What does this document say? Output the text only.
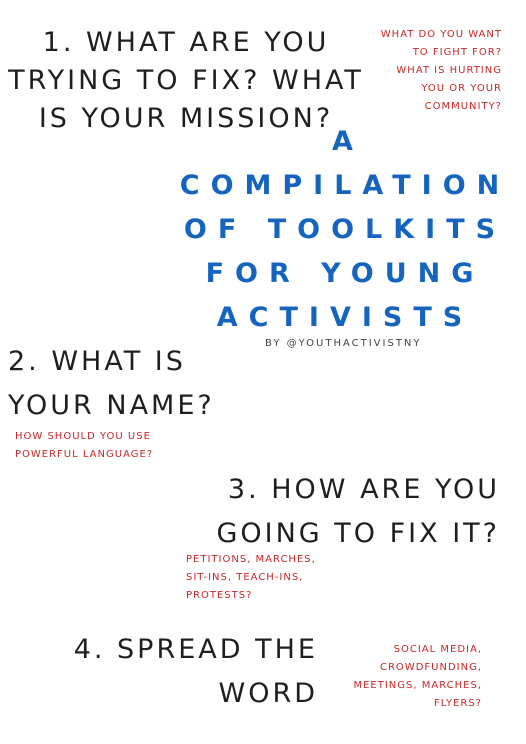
1. WHAT ARE YOU
TRYING TO FIX? WHAT
IS YOUR MISSION?
WHAT DO YOU WANT
TO FIGHT FOR?
WHAT IS HURTING
YOU OR YOUR
COMMUNITY?
A
COMPILATION
OF TOOLKITS
FOR YOUNG
ACTIVISTS
BY @YOUTHACTIVISTNY
2. WHAT IS
YOUR NAME?
HOW SHOULD YOU USE
POWERFUL LANGUAGE?
3. HOW ARE YOU
GOING TO FIX IT?
PETITIONS, MARCHES,
SIT-INS, TEACH-INS,
PROTESTS?
4. SPREAD THE
WORD
SOCIAL MEDIA,
CROWDFUNDING,
MEETINGS, MARCHES,
FLYERS?
